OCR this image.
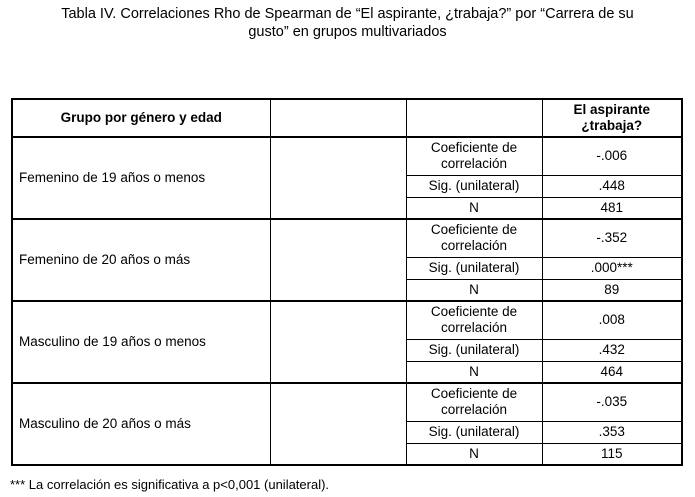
Tabla IV. Correlaciones Rho de Spearman de “El aspirante, ¿trabaja?” por “Carrera de su
gusto” en grupos multivariados
Grupo por género y edad			El aspirante
¿trabaja?

Femenino de 19 años o menos		Coeficiente de
correlación	-.006
		Sig. (unilateral)	.448
		N	481
Femenino de 20 años o más		Coeficiente de
correlación	-.352
		Sig. (unilateral)	.000***
		N	89
Masculino de 19 años o menos		Coeficiente de
correlación	.008
		Sig. (unilateral)	.432
		N	464
Masculino de 20 años o más		Coeficiente de
correlación	-.035
		Sig. (unilateral)	.353
		N	115
*** La correlación es significativa a p<0,001 (unilateral).
